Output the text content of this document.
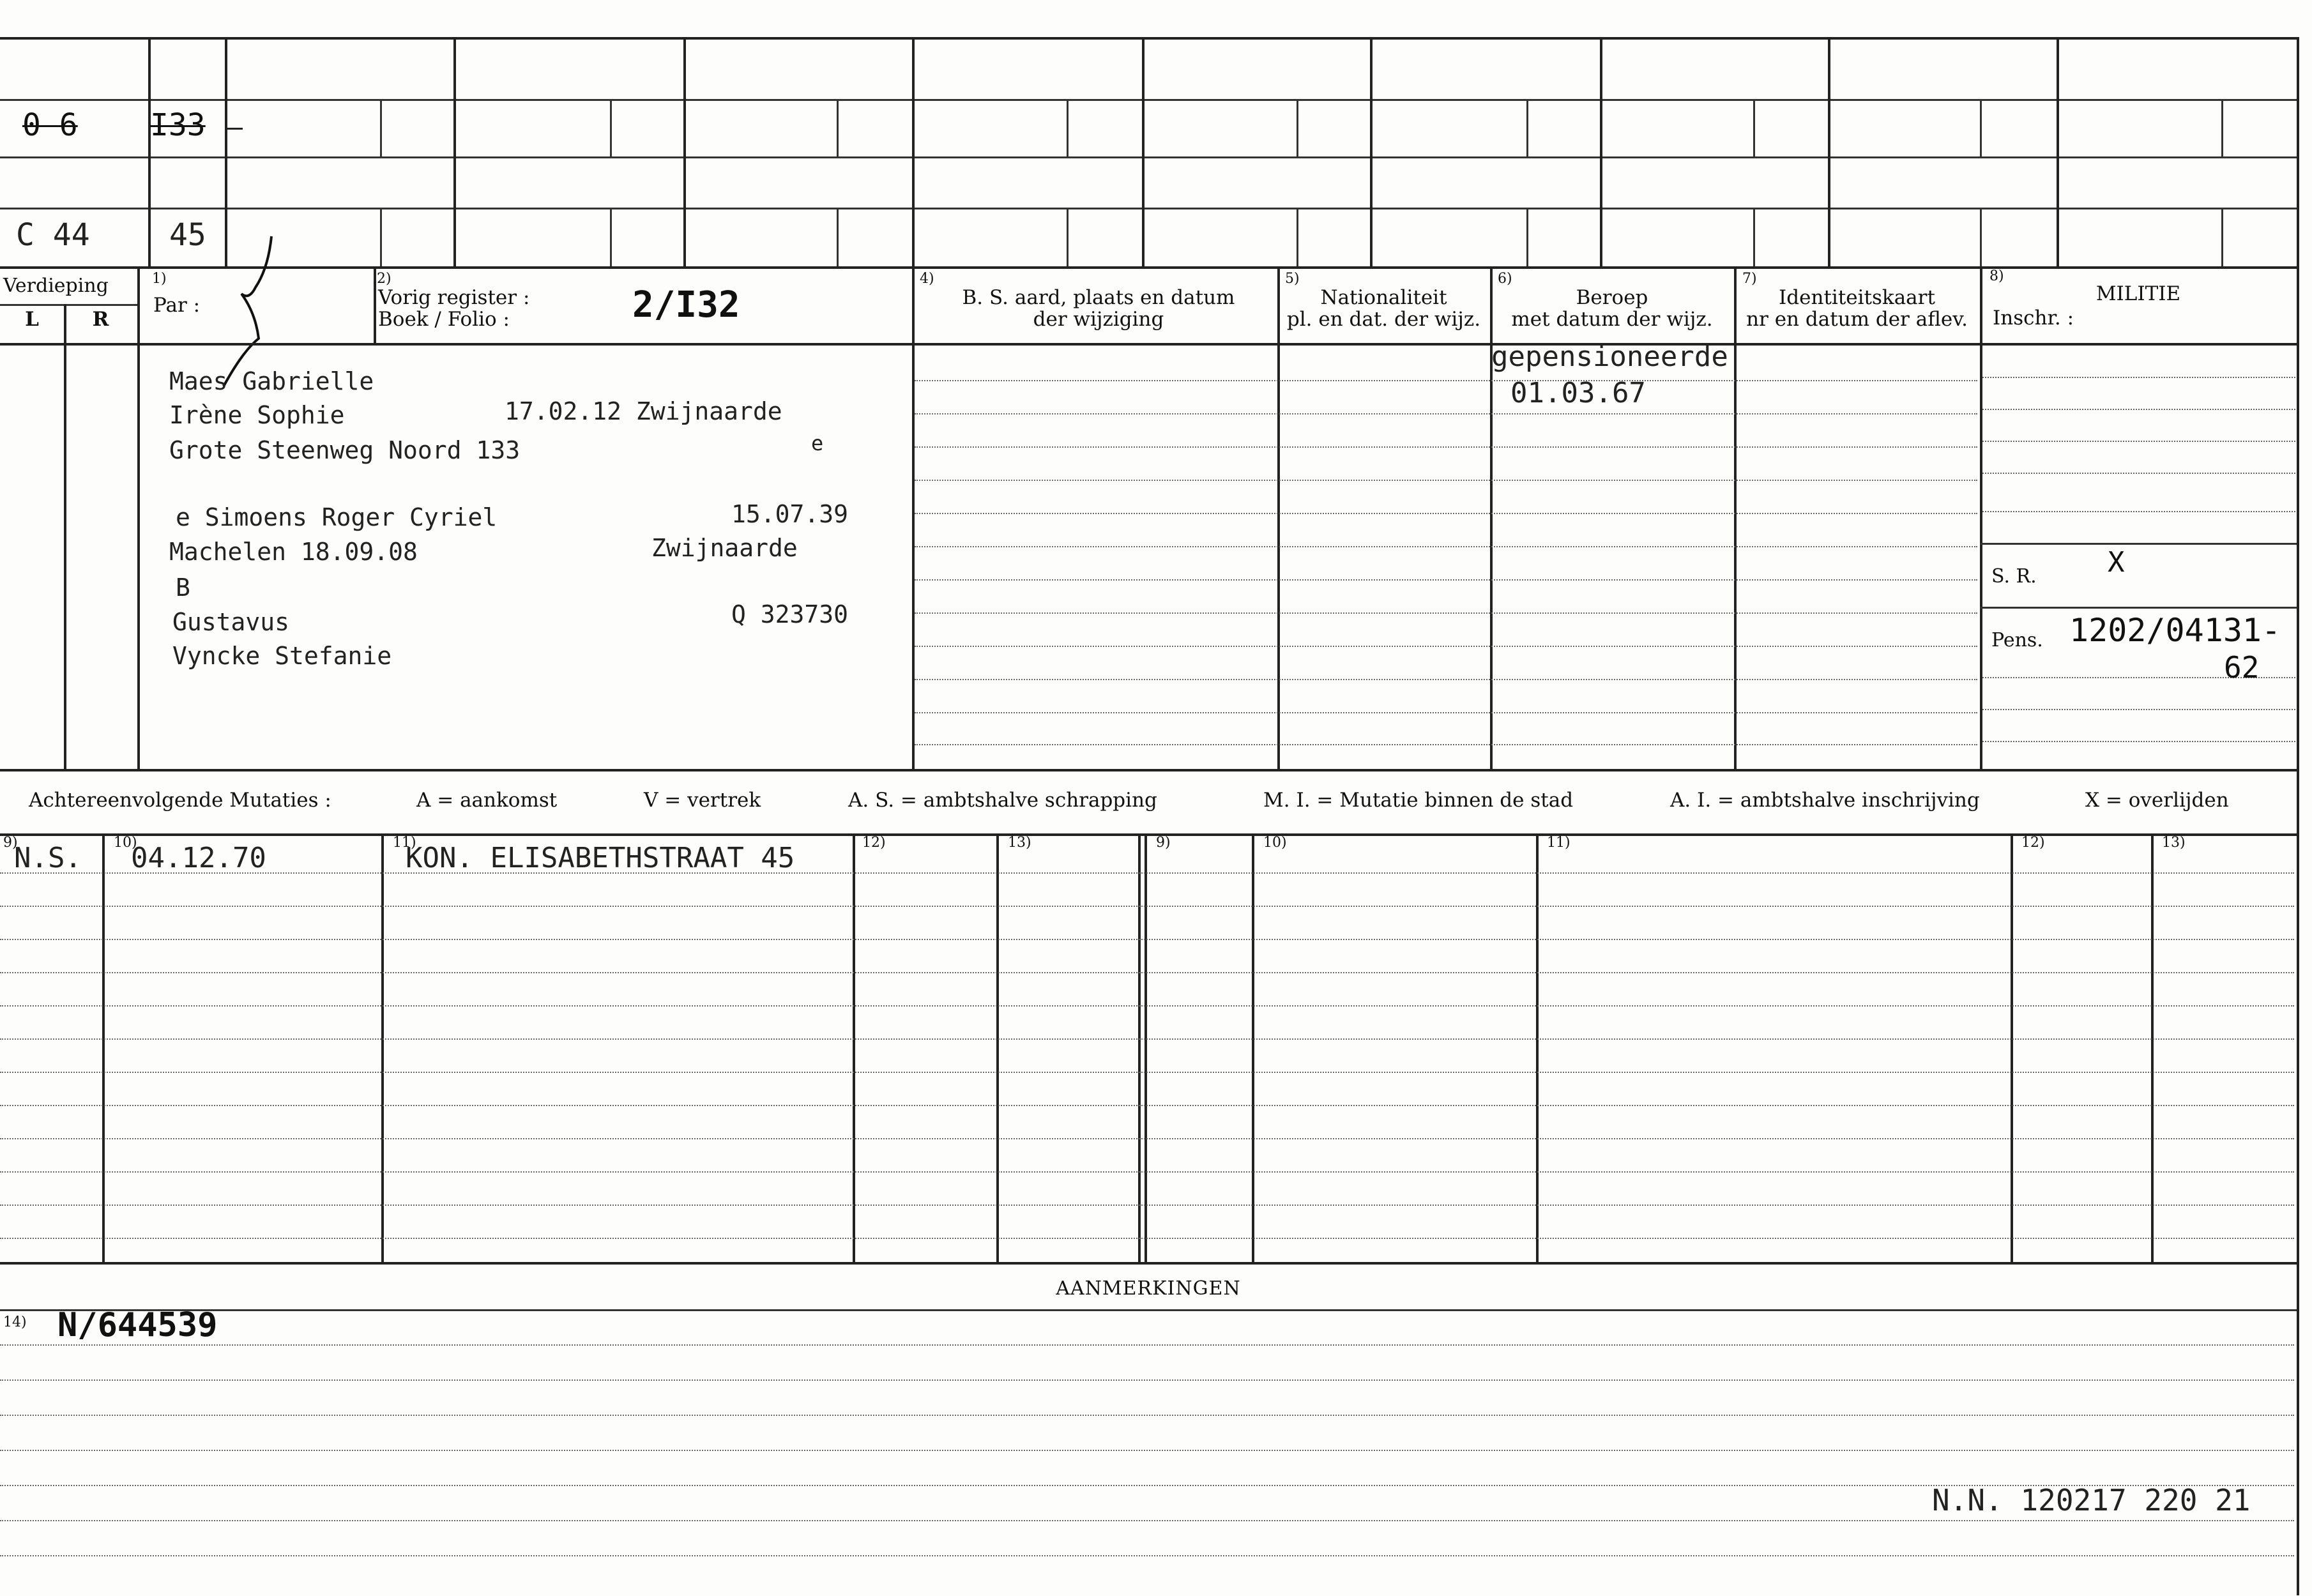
0 6 I33
C 44	45
Verdieping
L	R
1)
Par :
2)
Vorig register :
Boek / Folio :	2/I32
4)
B. S. aard, plaats en datum
der wijziging
5)
Nationaliteit
pl. en dat. der wijz.
6)
Beroep
met datum der wijz.
7)
Identiteitskaart
nr en datum der aflev.
8)
MILITIE
Inschr. :
Maes Gabrielle
Irène Sophie	17.02.12 Zwijnaarde
Grote Steenweg Noord 133	e
e Simoens Roger Cyriel	15.07.39
Machelen 18.09.08	Zwijnaarde
B
Gustavus	Q 323730
Vyncke Stefanie
gepensioneerde
01.03.67
S. R.	X
Pens. 1202/04131-
62
Achtereenvolgende Mutaties :	A = aankomst	V = vertrek	A. S. = ambtshalve schrapping	M. I. = Mutatie binnen de stad	A. I. = ambtshalve inschrijving	X = overlijden
9)	10)	11)	12)	13)	9)	10)	11)	12)	13)
N.S. 04.12.70	KON. ELISABETHSTRAAT 45
AANMERKINGEN
14) N/644539
N.N. 120217 220 21
